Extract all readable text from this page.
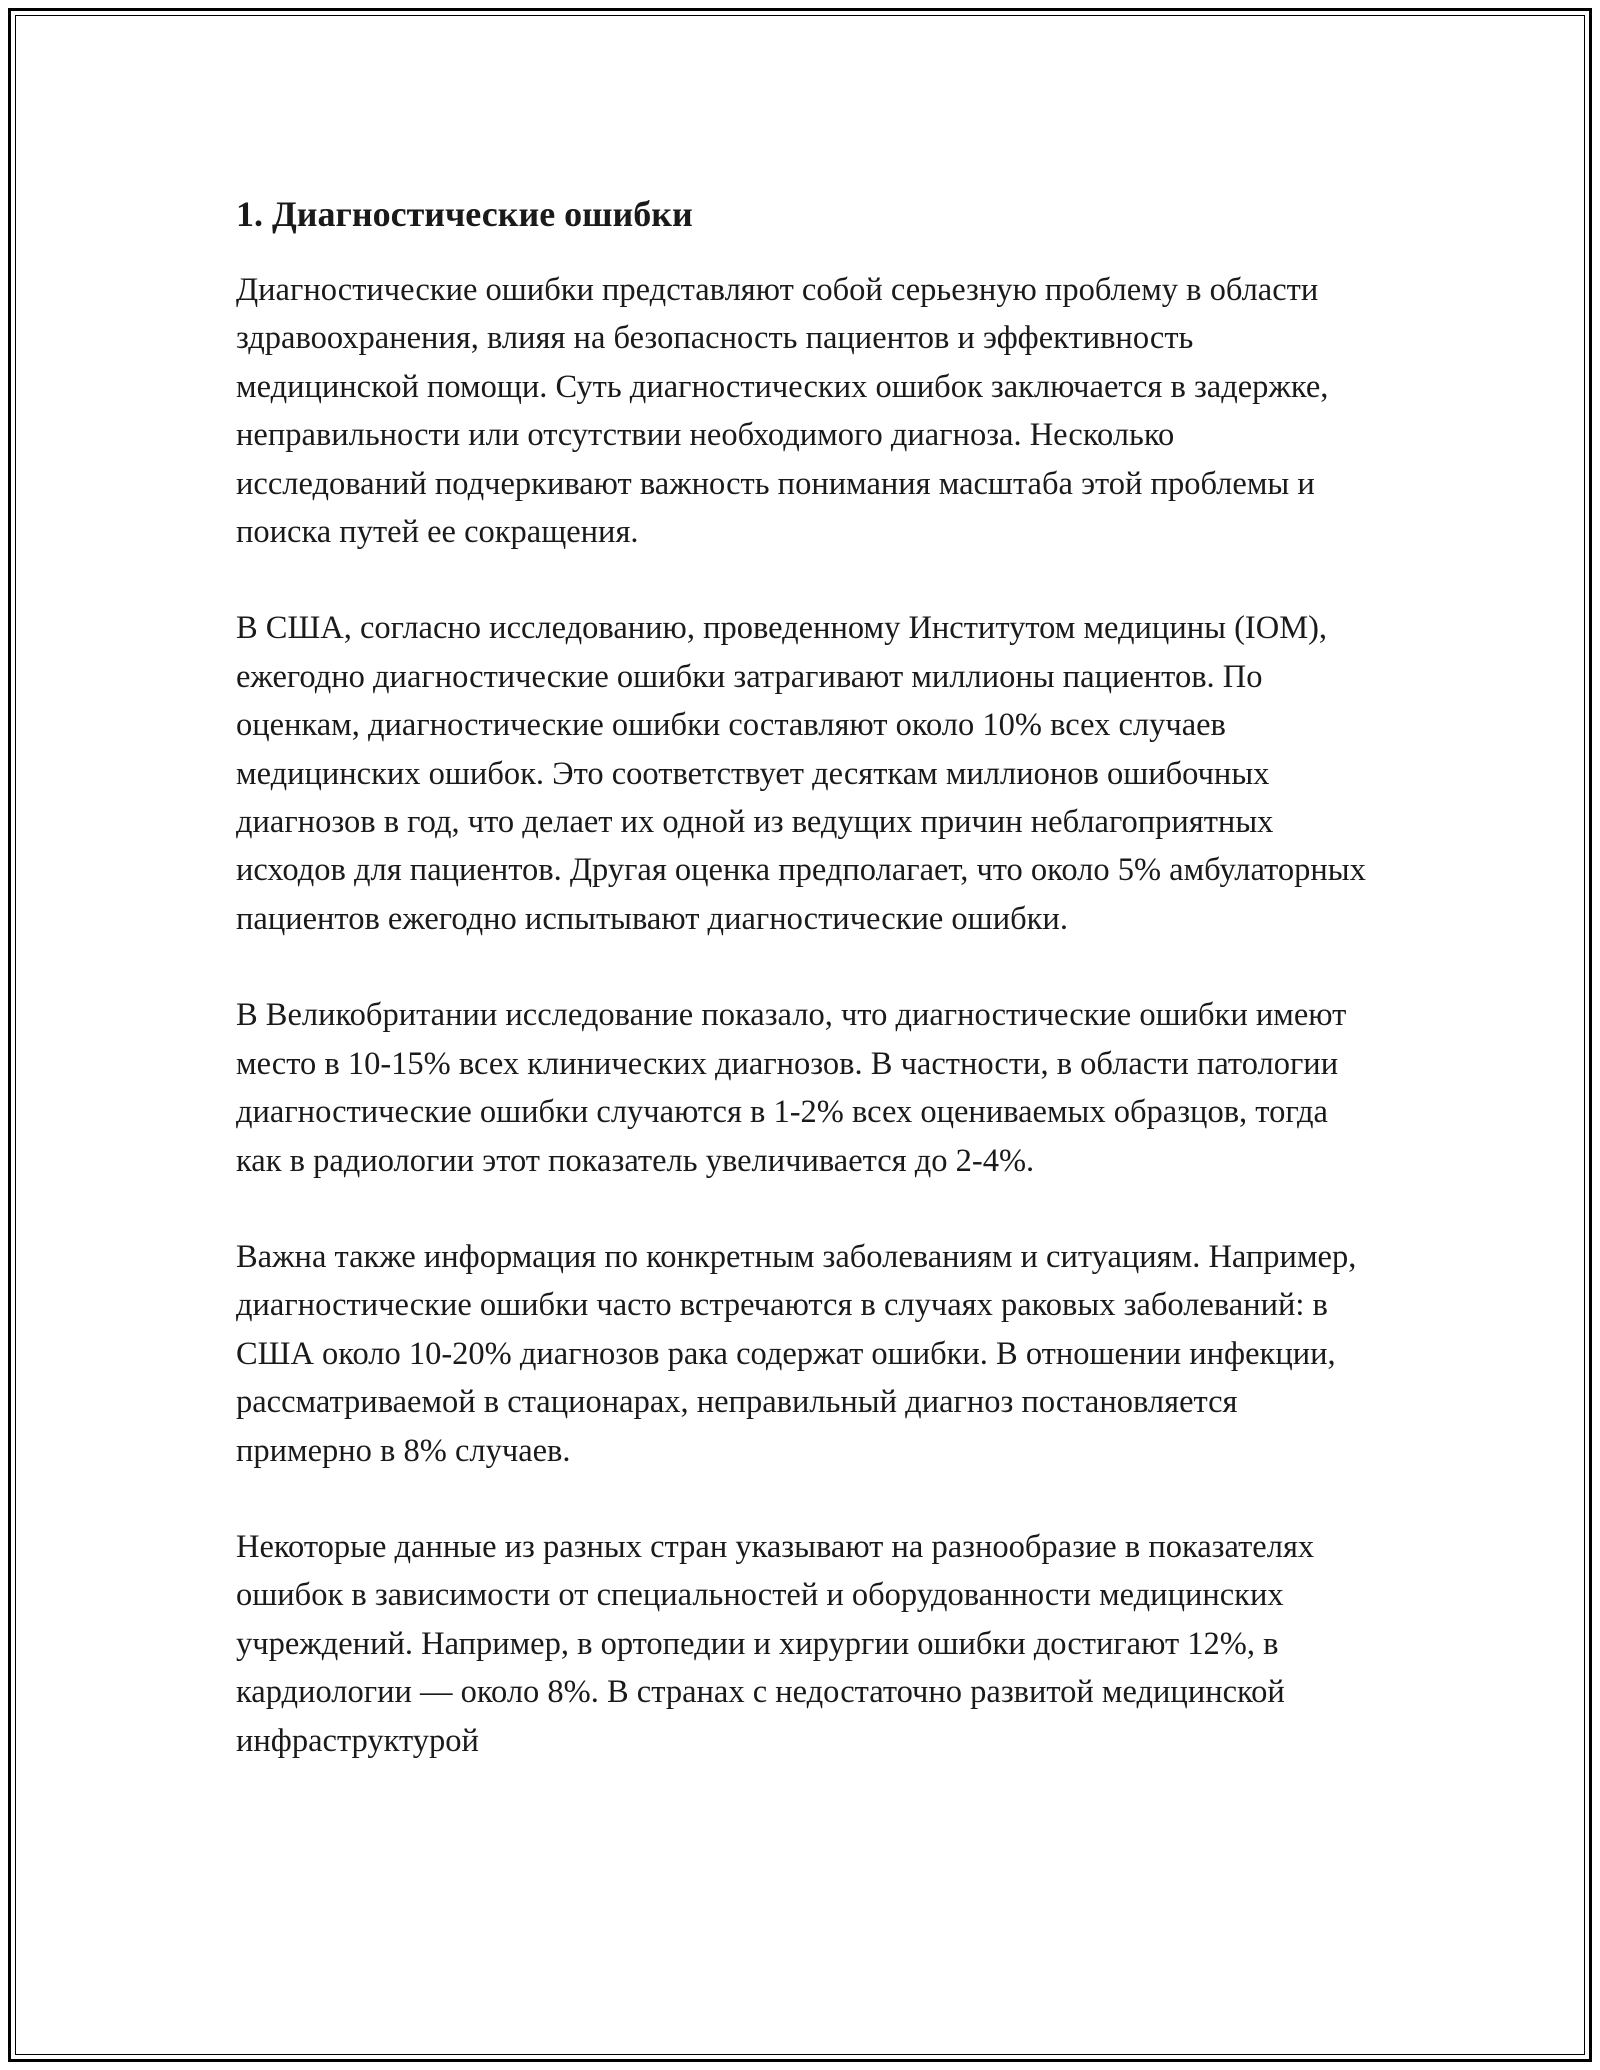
1. Диагностические ошибки

Диагностические ошибки представляют собой серьезную проблему в области здравоохранения, влияя на безопасность пациентов и эффективность медицинской помощи. Суть диагностических ошибок заключается в задержке, неправильности или отсутствии необходимого диагноза. Несколько исследований подчеркивают важность понимания масштаба этой проблемы и поиска путей ее сокращения.

В США, согласно исследованию, проведенному Институтом медицины (IOM), ежегодно диагностические ошибки затрагивают миллионы пациентов. По оценкам, диагностические ошибки составляют около 10% всех случаев медицинских ошибок. Это соответствует десяткам миллионов ошибочных диагнозов в год, что делает их одной из ведущих причин неблагоприятных исходов для пациентов. Другая оценка предполагает, что около 5% амбулаторных пациентов ежегодно испытывают диагностические ошибки.

В Великобритании исследование показало, что диагностические ошибки имеют место в 10-15% всех клинических диагнозов. В частности, в области патологии диагностические ошибки случаются в 1-2% всех оцениваемых образцов, тогда как в радиологии этот показатель увеличивается до 2-4%.

Важна также информация по конкретным заболеваниям и ситуациям. Например, диагностические ошибки часто встречаются в случаях раковых заболеваний: в США около 10-20% диагнозов рака содержат ошибки. В отношении инфекции, рассматриваемой в стационарах, неправильный диагноз постановляется примерно в 8% случаев.

Некоторые данные из разных стран указывают на разнообразие в показателях ошибок в зависимости от специальностей и оборудованности медицинских учреждений. Например, в ортопедии и хирургии ошибки достигают 12%, в кардиологии — около 8%. В странах с недостаточно развитой медицинской инфраструктурой
